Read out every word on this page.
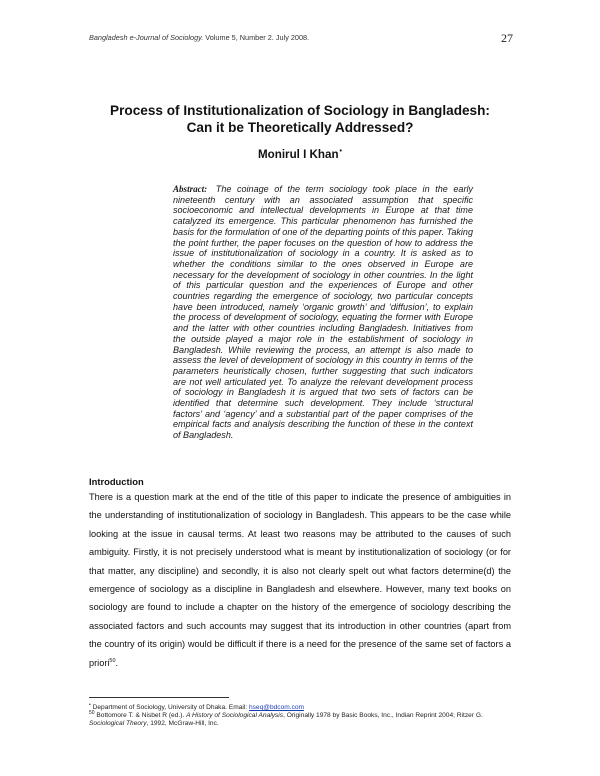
Bangladesh e-Journal of Sociology. Volume 5, Number 2. July 2008.	27
Process of Institutionalization of Sociology in Bangladesh:
Can it be Theoretically Addressed?
Monirul I Khan•
Abstract: The coinage of the term sociology took place in the early nineteenth century with an associated assumption that specific socioeconomic and intellectual developments in Europe at that time catalyzed its emergence. This particular phenomenon has furnished the basis for the formulation of one of the departing points of this paper. Taking the point further, the paper focuses on the question of how to address the issue of institutionalization of sociology in a country. It is asked as to whether the conditions similar to the ones observed in Europe are necessary for the development of sociology in other countries. In the light of this particular question and the experiences of Europe and other countries regarding the emergence of sociology, two particular concepts have been introduced, namely ‘organic growth’ and ‘diffusion’, to explain the process of development of sociology, equating the former with Europe and the latter with other countries including Bangladesh. Initiatives from the outside played a major role in the establishment of sociology in Bangladesh. While reviewing the process, an attempt is also made to assess the level of development of sociology in this country in terms of the parameters heuristically chosen, further suggesting that such indicators are not well articulated yet. To analyze the relevant development process of sociology in Bangladesh it is argued that two sets of factors can be identified that determine such development. They include ‘structural factors’ and ‘agency’ and a substantial part of the paper comprises of the empirical facts and analysis describing the function of these in the context of Bangladesh.
Introduction
There is a question mark at the end of the title of this paper to indicate the presence of ambiguities in the understanding of institutionalization of sociology in Bangladesh. This appears to be the case while looking at the issue in causal terms. At least two reasons may be attributed to the causes of such ambiguity. Firstly, it is not precisely understood what is meant by institutionalization of sociology (or for that matter, any discipline) and secondly, it is also not clearly spelt out what factors determine(d) the emergence of sociology as a discipline in Bangladesh and elsewhere. However, many text books on sociology are found to include a chapter on the history of the emergence of sociology describing the associated factors and such accounts may suggest that its introduction in other countries (apart from the country of its origin) would be difficult if there is a need for the presence of the same set of factors a priori$^{50}$.
• Department of Sociology, University of Dhaka. Email: hseq@bdcom.com
$^{50}$ Bottomore T. & Nisbet R (ed.). A History of Sociological Analysis, Originally 1978 by Basic Books, Inc., Indian Reprint 2004; Ritzer G. Sociological Theory, 1992, McGraw-Hill, Inc.
